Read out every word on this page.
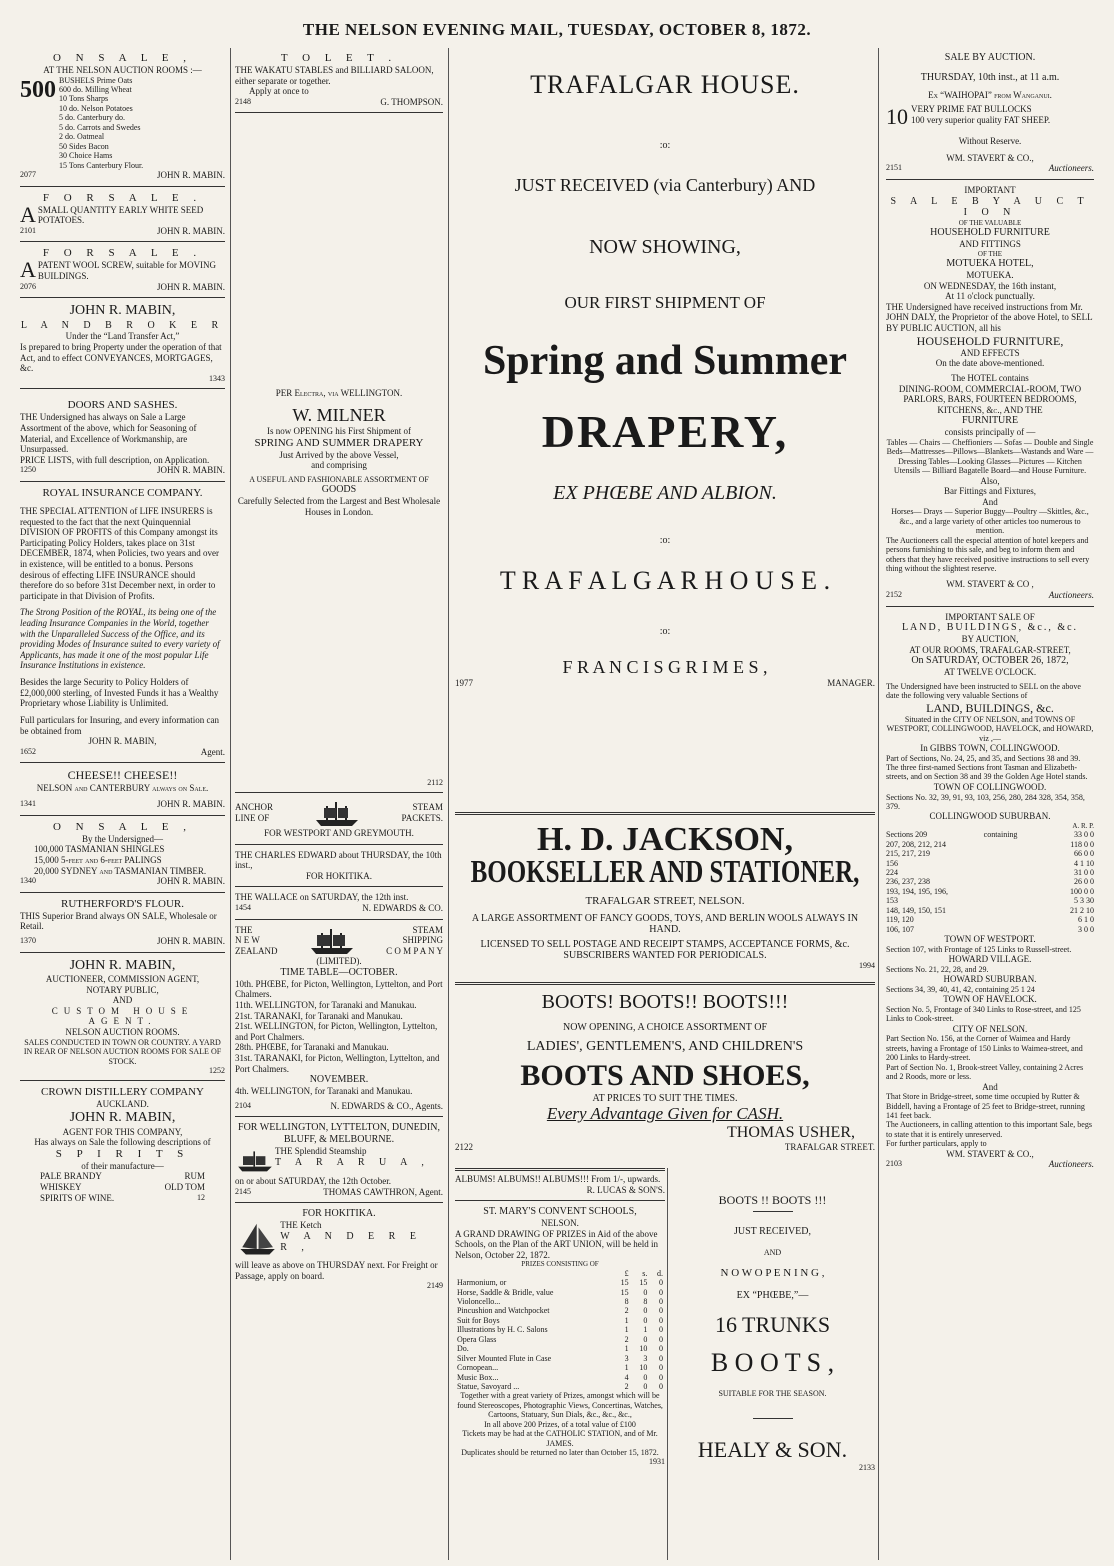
THE NELSON EVENING MAIL, TUESDAY, OCTOBER 8, 1872.
O N S A L E ,
AT THE NELSON AUCTION ROOMS :—
500 BUSHELS Prime Oats
600 do. Milling Wheat
10 Tons Sharps
10 do. Nelson Potatoes
5 do. Canterbury do.
5 do. Carrots and Swedes
2 do. Oatmeal
50 Sides Bacon
30 Choice Hams
15 Tons Canterbury Flour.
2077	JOHN R. MABIN.
F O R S A L E .
ASMALL QUANTITY EARLY WHITE SEED POTATOES.
2101	JOHN R. MABIN.
F O R S A L E .
APATENT WOOL SCREW, suitable for MOVING BUILDINGS.
2076	JOHN R. MABIN.
JOHN R. MABIN,
L A N D B R O K E R
Under the “Land Transfer Act,”
Is prepared to bring Property under the operation of that Act, and to effect CONVEYANCES, MORTGAGES, &c.
1343
DOORS AND SASHES.
THE Undersigned has always on Sale a Large Assortment of the above, which for Seasoning of Material, and Excellence of Workmanship, are Unsurpassed.
PRICE LISTS, with full description, on Application.
1250	JOHN R. MABIN.
ROYAL INSURANCE COMPANY.
THE SPECIAL ATTENTION of LIFE INSURERS is requested to the fact that the next Quinquennial DIVISION OF PROFITS of this Company amongst its Participating Policy Holders, takes place on 31st DECEMBER, 1874, when Policies, two years and over in existence, will be entitled to a bonus. Persons desirous of effecting LIFE INSURANCE should therefore do so before 31st December next, in order to participate in that Division of Profits.
The Strong Position of the ROYAL, its being one of the leading Insurance Companies in the World, together with the Unparalleled Success of the Office, and its providing Modes of Insurance suited to every variety of Applicants, has made it one of the most popular Life Insurance Institutions in existence.
Besides the large Security to Policy Holders of £2,000,000 sterling, of Invested Funds it has a Wealthy Proprietary whose Liability is Unlimited.
Full particulars for Insuring, and every information can be obtained from
JOHN R. MABIN,
1652	Agent.
CHEESE!! CHEESE!!
NELSON and CANTERBURY always on Sale.
1341	JOHN R. MABIN.
O N S A L E ,
By the Undersigned—
100,000 TASMANIAN SHINGLES
15,000 5-feet and 6-feet PALINGS
20,000 SYDNEY and TASMANIAN TIMBER.
1340	JOHN R. MABIN.
RUTHERFORD'S FLOUR.
THIS Superior Brand always ON SALE, Wholesale or Retail.
1370	JOHN R. MABIN.
JOHN R. MABIN,
AUCTIONEER, COMMISSION AGENT,
NOTARY PUBLIC,
AND
CUSTOM HOUSE AGENT.
NELSON AUCTION ROOMS.
SALES CONDUCTED IN TOWN OR COUNTRY. A YARD IN REAR OF NELSON AUCTION ROOMS FOR SALE OF STOCK.
1252
CROWN DISTILLERY COMPANY
AUCKLAND.
JOHN R. MABIN,
AGENT FOR THIS COMPANY,
Has always on Sale the following descriptions of
S P I R I T S
of their manufacture—
PALE BRANDY	RUM
WHISKEY	OLD TOM
SPIRITS OF WINE.	12
T O L E T .
THE WAKATU STABLES and BILLIARD SALOON, either separate or together.
Apply at once to
2148	G. THOMPSON.
PER Electra, via WELLINGTON.
W. MILNER
Is now OPENING his First Shipment of
SPRING AND SUMMER DRAPERY
Just Arrived by the above Vessel,
and comprising
A USEFUL AND FASHIONABLE ASSORTMENT OF
GOODS
Carefully Selected from the Largest and Best Wholesale Houses in London.
2112
ANCHOR
LINE OF
STEAM
PACKETS.
FOR WESTPORT AND GREYMOUTH.
THE CHARLES EDWARD about THURSDAY, the 10th inst.,
FOR HOKITIKA.
THE WALLACE on SATURDAY, the 12th inst.
1454	N. EDWARDS & CO.
THE
N E W
ZEALAND
STEAM
SHIPPING
C O M P A N Y
(LIMITED).
TIME TABLE—OCTOBER.
10th. PHŒBE, for Picton, Wellington, Lyttelton, and Port Chalmers.
11th. WELLINGTON, for Taranaki and Manukau.
21st. TARANAKI, for Taranaki and Manukau.
21st. WELLINGTON, for Picton, Wellington, Lyttelton, and Port Chalmers.
28th. PHŒBE, for Taranaki and Manukau.
31st. TARANAKI, for Picton, Wellington, Lyttelton, and Port Chalmers.
NOVEMBER.
4th. WELLINGTON, for Taranaki and Manukau.
2104	N. EDWARDS & CO., Agents.
FOR WELLINGTON, LYTTELTON, DUNEDIN, BLUFF, & MELBOURNE.
THE Splendid Steamship
T A R A R U A ,
on or about SATURDAY, the 12th October.
2145	THOMAS CAWTHRON, Agent.
FOR HOKITIKA.
THE Ketch
W A N D E R E R ,
will leave as above on THURSDAY next. For Freight or Passage, apply on board.
2149
TRAFALGAR HOUSE.
:o:
JUST RECEIVED (via Canterbury) AND
NOW SHOWING,
OUR FIRST SHIPMENT OF
Spring and Summer
DRAPERY,
EX PHŒBE AND ALBION.
:o:
T R A F A L G A R H O U S E .
:o:
F R A N C I S G R I M E S ,
1977	MANAGER.
H. D. JACKSON,
BOOKSELLER AND STATIONER,
TRAFALGAR STREET, NELSON.
A LARGE ASSORTMENT OF FANCY GOODS, TOYS, AND BERLIN WOOLS ALWAYS IN HAND.
LICENSED TO SELL POSTAGE AND RECEIPT STAMPS, ACCEPTANCE FORMS, &c. SUBSCRIBERS WANTED FOR PERIODICALS.
1994
BOOTS! BOOTS!! BOOTS!!!
NOW OPENING, A CHOICE ASSORTMENT OF
LADIES', GENTLEMEN'S, AND CHILDREN'S
BOOTS AND SHOES,
AT PRICES TO SUIT THE TIMES.
Every Advantage Given for CASH.
THOMAS USHER,
2122	TRAFALGAR STREET.
ALBUMS! ALBUMS!! ALBUMS!!! From 1/-, upwards.
R. LUCAS & SON'S.
ST. MARY'S CONVENT SCHOOLS,
NELSON.
A GRAND DRAWING OF PRIZES in Aid of the above Schools, on the Plan of the ART UNION, will be held in Nelson, October 22, 1872.
PRIZES CONSISTING OF
	£	s.	d.
Harmonium, or	15	15	0
Horse, Saddle & Bridle, value	15	0	0
Violoncello...	8	8	0
Pincushion and Watchpocket	2	0	0
Suit for Boys	1	0	0
Illustrations by H. C. Salons	1	1	0
Opera Glass	2	0	0
Do.	1	10	0
Silver Mounted Flute in Case	3	3	0
Cornopean...	1	10	0
Music Box...	4	0	0
Statue, Savoyard ...	2	0	0
Together with a great variety of Prizes, amongst which will be found Stereoscopes, Photographic Views, Concertinas, Watches, Cartoons, Statuary, Sun Dials, &c., &c., &c.,
In all above 200 Prizes, of a total value of £100
Tickets may be had at the CATHOLIC STATION, and of Mr. JAMES.
Duplicates should be returned no later than October 15, 1872.
1931
BOOTS !! BOOTS !!!
JUST RECEIVED,
AND
N O W O P E N I N G ,
EX “PHŒBE,”—
16 TRUNKS
B O O T S ,
SUITABLE FOR THE SEASON.
HEALY & SON.
2133
SALE BY AUCTION.
THURSDAY, 10th inst., at 11 a.m.
Ex “WAIHOPAI” from Wanganui.
10 VERY PRIME FAT BULLOCKS
100 very superior quality FAT SHEEP.
Without Reserve.
WM. STAVERT & CO.,
2151	Auctioneers.
IMPORTANT
S A L E B Y A U C T I O N
OF THE VALUABLE
HOUSEHOLD FURNITURE
AND FITTINGS
OF THE
MOTUEKA HOTEL,
MOTUEKA.
ON WEDNESDAY, the 16th instant,
At 11 o'clock punctually.
THE Undersigned have received instructions from Mr. JOHN DALY, the Proprietor of the above Hotel, to SELL BY PUBLIC AUCTION, all his
HOUSEHOLD FURNITURE,
AND EFFECTS
On the date above-mentioned.
The HOTEL contains
DINING-ROOM, COMMERCIAL-ROOM, TWO PARLORS, BARS, FOURTEEN BEDROOMS, KITCHENS, &c., AND THE
FURNITURE
consists principally of —
Tables — Chairs — Cheffioniers — Sofas — Double and Single Beds—Mattresses—Pillows—Blankets—Wastands and Ware —Dressing Tables—Looking Glasses—Pictures — Kitchen Utensils — Billiard Bagatelle Board—and House Furniture.
Also,
Bar Fittings and Fixtures,
And
Horses— Drays — Superior Buggy—Poultry —Skittles, &c., &c., and a large variety of other articles too numerous to mention.
The Auctioneers call the especial attention of hotel keepers and persons furnishing to this sale, and beg to inform them and others that they have received positive instructions to sell every thing without the slightest reserve.
WM. STAVERT & CO ,
2152	Auctioneers.
IMPORTANT SALE OF
LAND, BUILDINGS, &c., &c.
BY AUCTION,
AT OUR ROOMS, TRAFALGAR-STREET,
On SATURDAY, OCTOBER 26, 1872,
AT TWELVE O'CLOCK.
The Undersigned have been instructed to SELL on the above date the following very valuable Sections of
LAND, BUILDINGS, &c.
Situated in the CITY OF NELSON, and TOWNS OF WESTPORT, COLLINGWOOD, HAVELOCK, and HOWARD, viz ,—
In GIBBS TOWN, COLLINGWOOD.
Part of Sections, No. 24, 25, and 35, and Sections 38 and 39. The three first-named Sections front Tasman and Elizabeth-streets, and on Section 38 and 39 the Golden Age Hotel stands.
TOWN OF COLLINGWOOD.
Sections No. 32, 39, 91, 93, 103, 256, 280, 284 328, 354, 358, 379.
COLLINGWOOD SUBURBAN.
A. R. P.
Sections 209	containing	33 0 0
207, 208, 212, 214	118 0 0
215, 217, 219	66 0 0
156	4 1 10
224	31 0 0
236, 237, 238	26 0 0
193, 194, 195, 196,	100 0 0
153	5 3 30
148, 149, 150, 151	21 2 10
119, 120	6 1 0
106, 107	3 0 0
TOWN OF WESTPORT.
Section 107, with Frontage of 125 Links to Russell-street.
HOWARD VILLAGE.
Sections No. 21, 22, 28, and 29.
HOWARD SUBURBAN.
Sections 34, 39, 40, 41, 42, containing 25 1 24
TOWN OF HAVELOCK.
Section No. 5, Frontage of 340 Links to Rose-street, and 125 Links to Cook-street.
CITY OF NELSON.
Part Section No. 156, at the Corner of Waimea and Hardy streets, having a Frontage of 150 Links to Waimea-street, and 200 Links to Hardy-street.
Part of Section No. 1, Brook-street Valley, containing 2 Acres and 2 Roods, more or less.
And
That Store in Bridge-street, some time occupied by Rutter & Biddell, having a Frontage of 25 feet to Bridge-street, running 141 feet back.
The Auctioneers, in calling attention to this important Sale, begs to state that it is entirely unreserved.
For further particulars, apply to
WM. STAVERT & CO.,
2103	Auctioneers.
